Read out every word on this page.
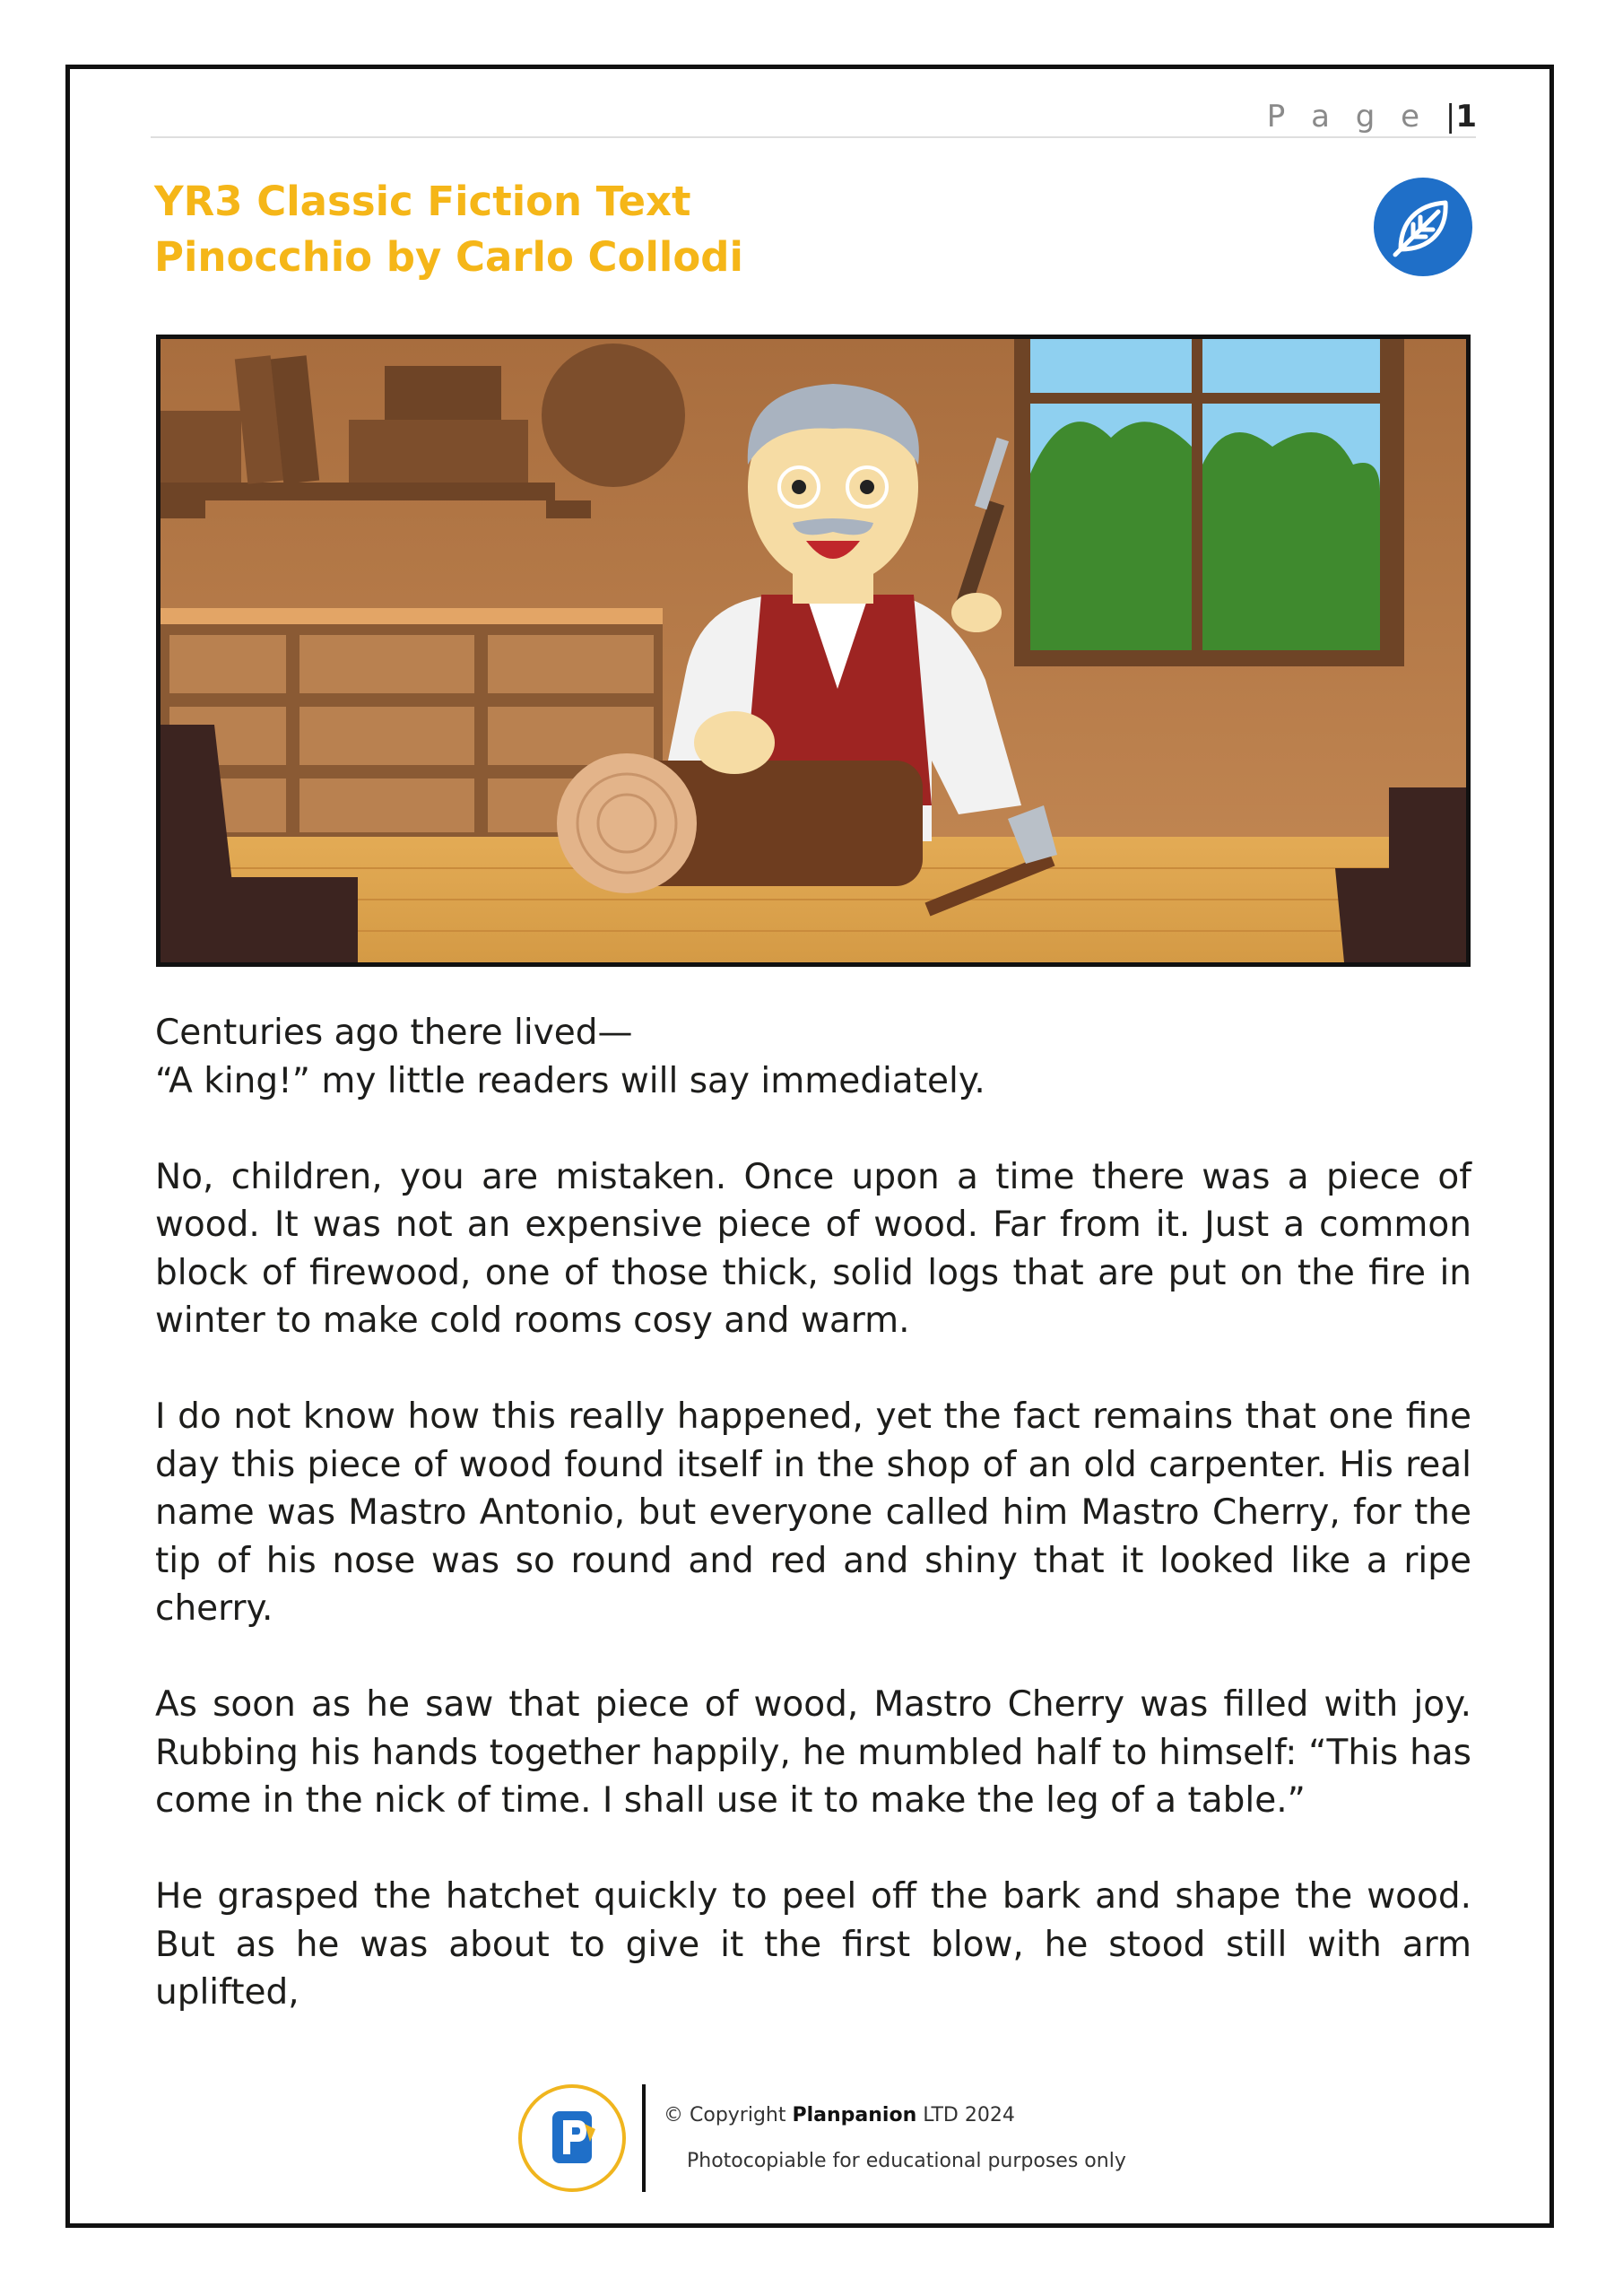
P a g e |1
YR3 Classic Fiction Text
Pinocchio by Carlo Collodi

Centuries ago there lived—
“A king!” my little readers will say immediately.

No, children, you are mistaken. Once upon a time there was a piece of wood. It was not an expensive piece of wood. Far from it. Just a common block of firewood, one of those thick, solid logs that are put on the fire in winter to make cold rooms cosy and warm.

I do not know how this really happened, yet the fact remains that one fine day this piece of wood found itself in the shop of an old carpenter. His real name was Mastro Antonio, but everyone called him Mastro Cherry, for the tip of his nose was so round and red and shiny that it looked like a ripe cherry.

As soon as he saw that piece of wood, Mastro Cherry was filled with joy. Rubbing his hands together happily, he mumbled half to himself: “This has come in the nick of time. I shall use it to make the leg of a table.”

He grasped the hatchet quickly to peel off the bark and shape the wood. But as he was about to give it the first blow, he stood still with arm uplifted,

© Copyright Planpanion LTD 2024
Photocopiable for educational purposes only
